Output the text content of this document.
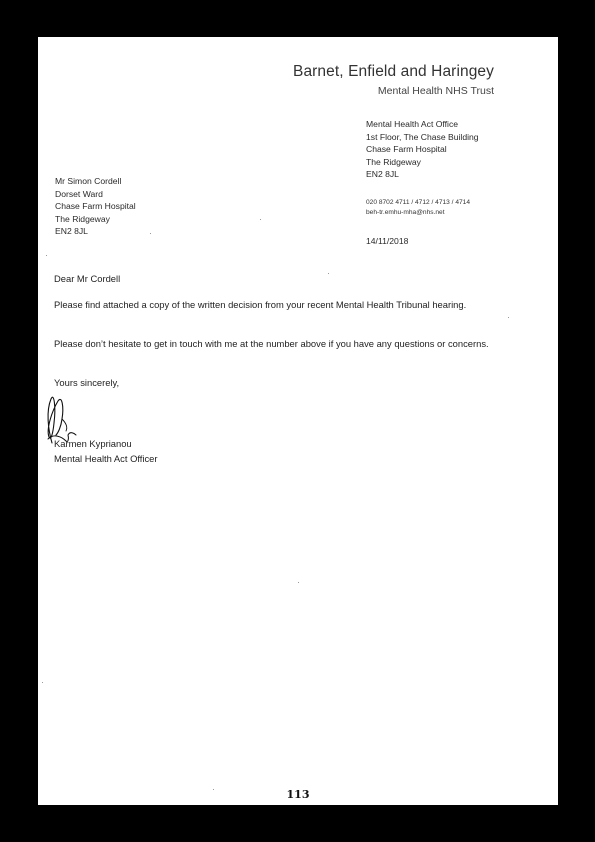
Barnet, Enfield and Haringey
Mental Health NHS Trust
Mental Health Act Office
1st Floor, The Chase Building
Chase Farm Hospital
The Ridgeway
EN2 8JL
020 8702 4711 / 4712 / 4713 / 4714
beh-tr.emhu-mha@nhs.net
14/11/2018
Mr Simon Cordell
Dorset Ward
Chase Farm Hospital
The Ridgeway
EN2 8JL

Dear Mr Cordell

Please find attached a copy of the written decision from your recent Mental Health Tribunal hearing.

Please don’t hesitate to get in touch with me at the number above if you have any questions or concerns.

Yours sincerely,

Karmen Kyprianou
Mental Health Act Officer
113
